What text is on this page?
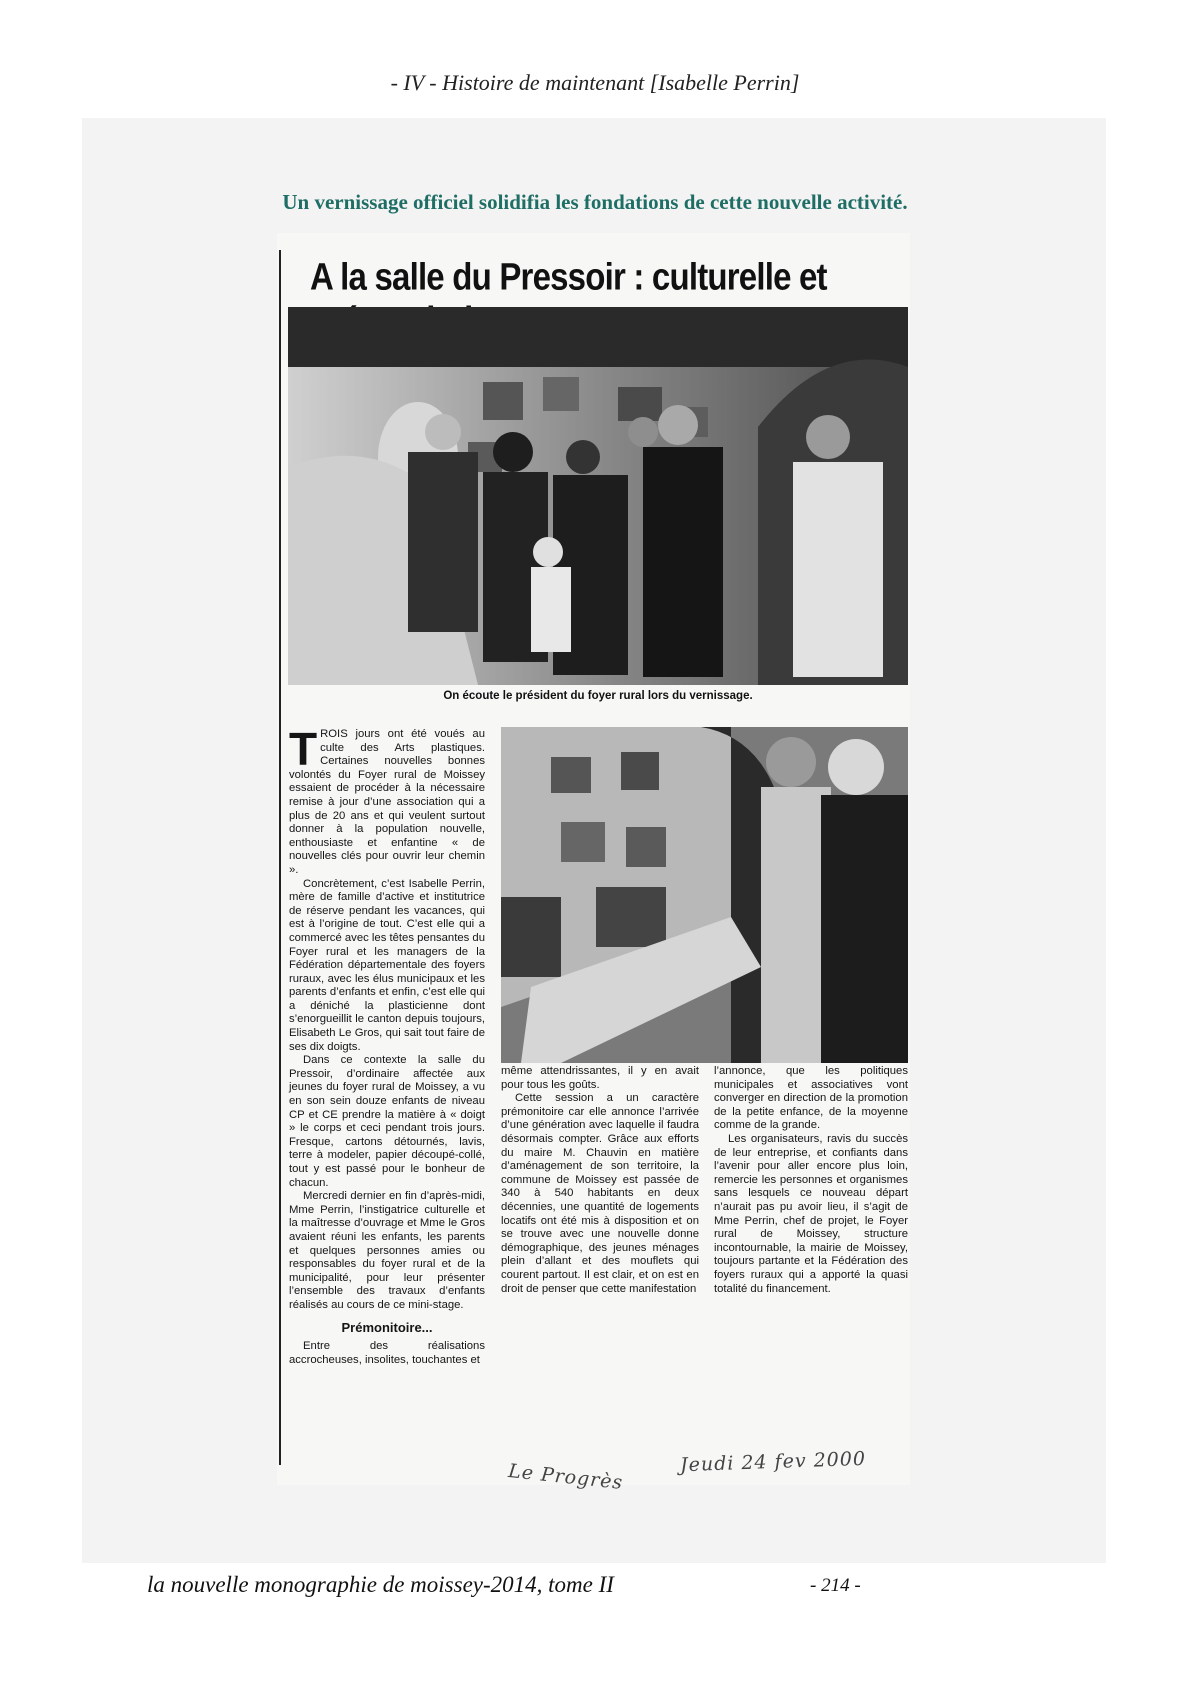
- IV - Histoire de maintenant [Isabelle Perrin]
Un vernissage officiel solidifia les fondations de cette nouvelle activité.
A la salle du Pressoir : culturelle et
On écoute le président du foyer rural lors du vernissage.

TROIS jours ont été voués au culte des Arts plastiques. Certaines nouvelles bonnes volontés du Foyer rural de Moissey essaient de procéder à la nécessaire remise à jour d’une association qui a plus de 20 ans et qui veulent surtout donner à la population nouvelle, enthousiaste et enfantine « de nouvelles clés pour ouvrir leur chemin ».

Concrètement, c’est Isabelle Perrin, mère de famille d’active et institutrice de réserve pendant les vacances, qui est à l’origine de tout. C’est elle qui a commercé avec les têtes pensantes du Foyer rural et les managers de la Fédération départementale des foyers ruraux, avec les élus municipaux et les parents d’enfants et enfin, c’est elle qui a déniché la plasticienne dont s’enorgueillit le canton depuis toujours, Elisabeth Le Gros, qui sait tout faire de ses dix doigts.

Dans ce contexte la salle du Pressoir, d’ordinaire affectée aux jeunes du foyer rural de Moissey, a vu en son sein douze enfants de niveau CP et CE prendre la matière à « doigt » le corps et ceci pendant trois jours. Fresque, cartons détournés, lavis, terre à modeler, papier découpé-collé, tout y est passé pour le bonheur de chacun.

Mercredi dernier en fin d’après-midi, Mme Perrin, l’instigatrice culturelle et la maîtresse d’ouvrage et Mme le Gros avaient réuni les enfants, les parents et quelques personnes amies ou responsables du foyer rural et de la municipalité, pour leur présenter l’ensemble des travaux d’enfants réalisés au cours de ce mini-stage.

Prémonitoire...

Entre des réalisations accrocheuses, insolites, touchantes et

même attendrissantes, il y en avait pour tous les goûts.

Cette session a un caractère prémonitoire car elle annonce l’arrivée d’une génération avec laquelle il faudra désormais compter. Grâce aux efforts du maire M. Chauvin en matière d’aménagement de son territoire, la commune de Moissey est passée de 340 à 540 habitants en deux décennies, une quantité de logements locatifs ont été mis à disposition et on se trouve avec une nouvelle donne démographique, des jeunes ménages plein d’allant et des mouflets qui courent partout. Il est clair, et on est en droit de penser que cette manifestation

l’annonce, que les politiques municipales et associatives vont converger en direction de la promotion de la petite enfance, de la moyenne comme de la grande.

Les organisateurs, ravis du succès de leur entreprise, et confiants dans l’avenir pour aller encore plus loin, remercie les personnes et organismes sans lesquels ce nouveau départ n’aurait pas pu avoir lieu, il s’agit de Mme Perrin, chef de projet, le Foyer rural de Moissey, structure incontournable, la mairie de Moissey, toujours partante et la Fédération des foyers ruraux qui a apporté la quasi totalité du financement.

Le Progrès	Jeudi 24 fev 2000
la nouvelle monographie de moissey-2014, tome II	- 214 -
